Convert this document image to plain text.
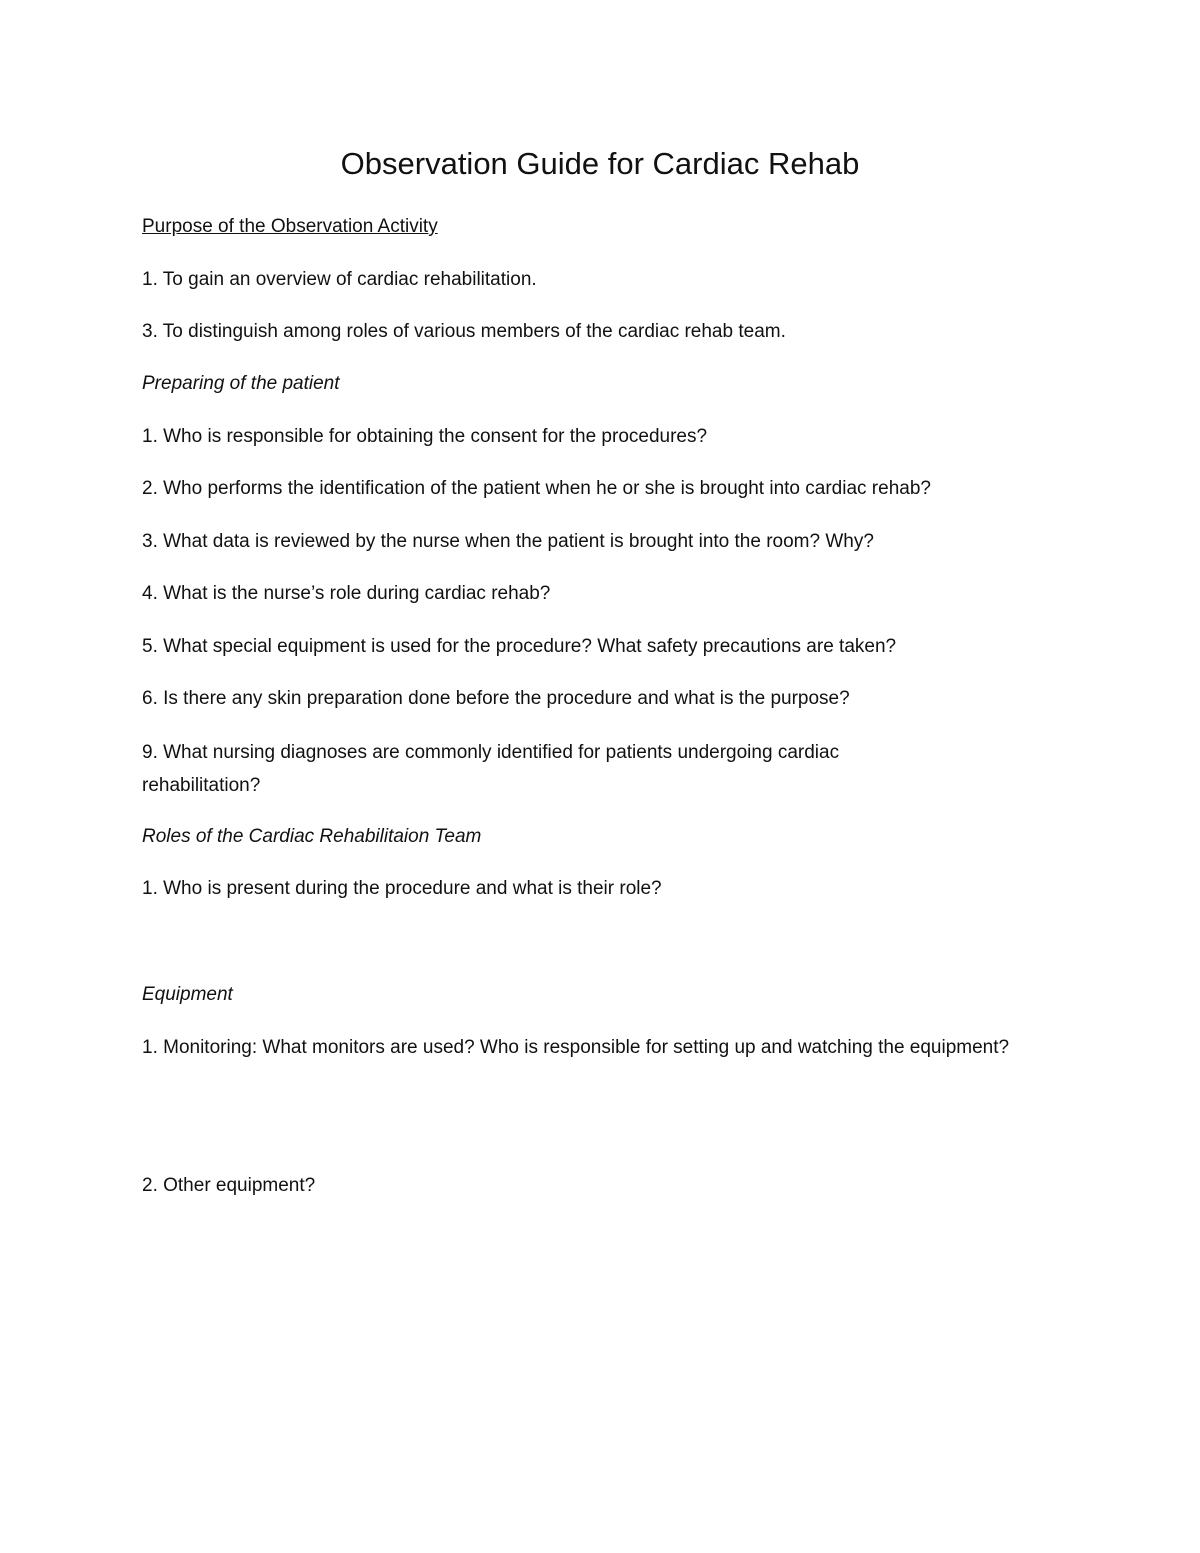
Observation Guide for Cardiac Rehab

Purpose of the Observation Activity

1. To gain an overview of cardiac rehabilitation.

3. To distinguish among roles of various members of the cardiac rehab team.

Preparing of the patient

1. Who is responsible for obtaining the consent for the procedures?

2. Who performs the identification of the patient when he or she is brought into cardiac rehab?

3. What data is reviewed by the nurse when the patient is brought into the room? Why?

4. What is the nurse’s role during cardiac rehab?

5. What special equipment is used for the procedure? What safety precautions are taken?

6. Is there any skin preparation done before the procedure and what is the purpose?

9. What nursing diagnoses are commonly identified for patients undergoing cardiac rehabilitation?

Roles of the Cardiac Rehabilitaion Team

1. Who is present during the procedure and what is their role?

Equipment

1. Monitoring: What monitors are used? Who is responsible for setting up and watching the equipment?

2. Other equipment?
